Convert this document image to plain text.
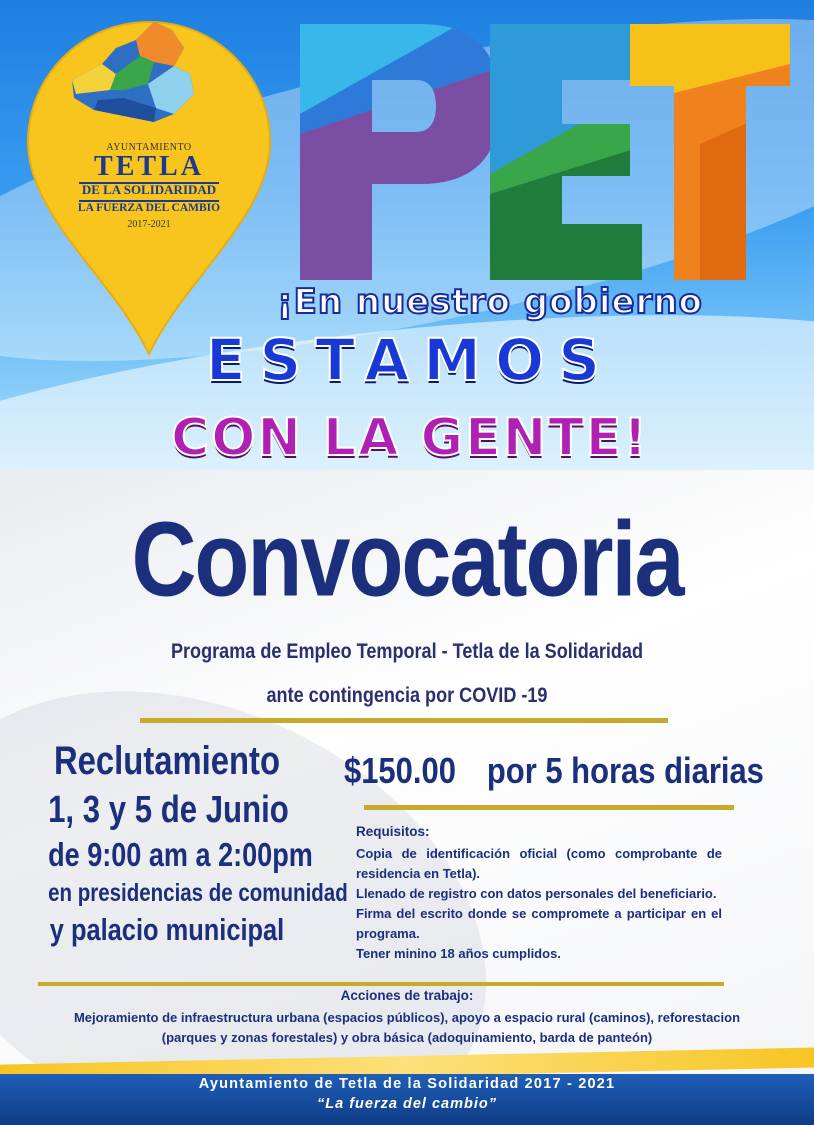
AYUNTAMIENTO
TETLA
DE LA SOLIDARIDAD
LA FUERZA DEL CAMBIO
2017-2021
¡En nuestro gobierno
ESTAMOS
CON LA GENTE!
Convocatoria
Programa de Empleo Temporal - Tetla de la Solidaridad
ante contingencia por COVID -19
Reclutamiento
1, 3 y 5 de Junio
de 9:00 am a 2:00pm
en presidencias de comunidad
y palacio municipal
$150.00 por 5 horas diarias
Requisitos:

Copia de identificación oficial (como comprobante de residencia en Tetla).

Llenado de registro con datos personales del beneficiario.

Firma del escrito donde se compromete a participar en el programa.

Tener minino 18 años cumplidos.

Acciones de trabajo:
Mejoramiento de infraestructura urbana (espacios públicos), apoyo a espacio rural (caminos), reforestacion
(parques y zonas forestales) y obra básica (adoquinamiento, barda de panteón)
Ayuntamiento de Tetla de la Solidaridad 2017 - 2021
“La fuerza del cambio”
